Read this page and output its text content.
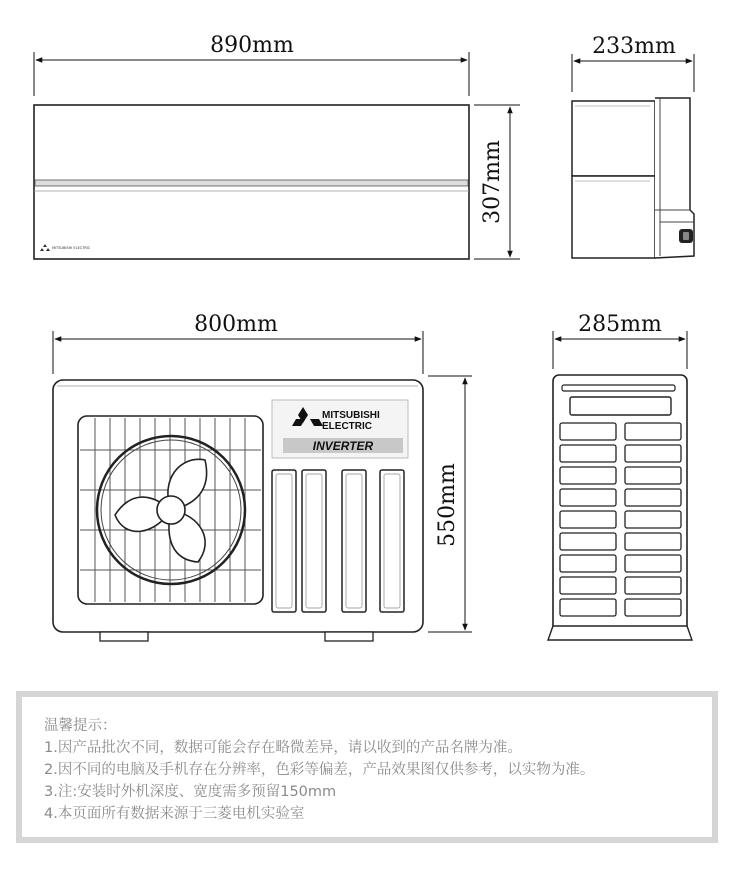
MITSUBISHI ELECTRIC
890mm
307mm
233mm
MITSUBISHI
ELECTRIC
INVERTER
800mm
550mm
285mm
温馨提示：
1.因产品批次不同，数据可能会存在略微差异，请以收到的产品名牌为准。
2.因不同的电脑及手机存在分辨率，色彩等偏差，产品效果图仅供参考，以实物为准。
3.注:安装时外机深度、宽度需多预留150mm
4.本页面所有数据来源于三菱电机实验室
